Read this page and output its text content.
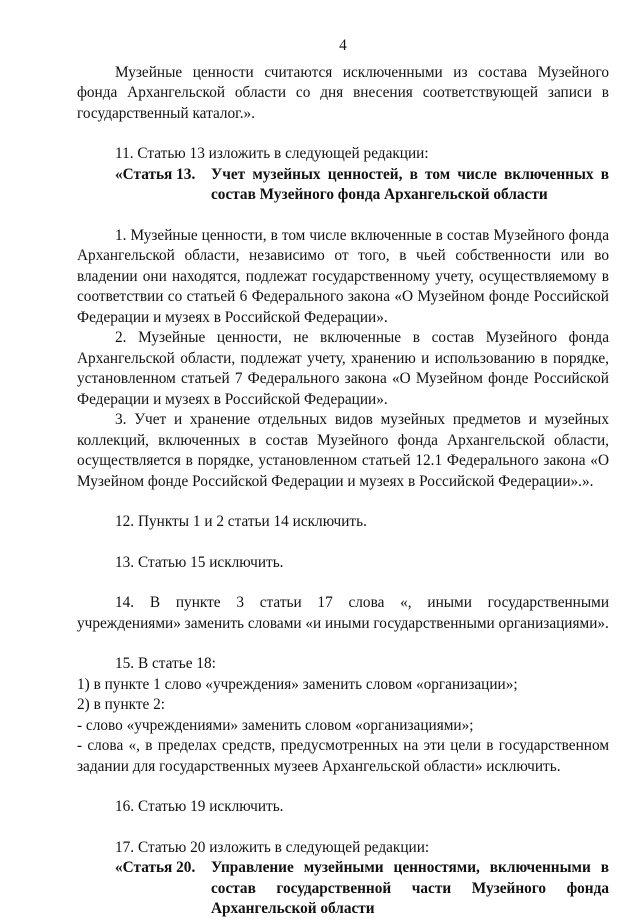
4

Музейные ценности считаются исключенными из состава Музейного фонда Архангельской области со дня внесения соответствующей записи в государственный каталог.».

11. Статью 13 изложить в следующей редакции:

«Статья 13.	Учет музейных ценностей, в том числе включенных в состав Музейного фонда Архангельской области

1. Музейные ценности, в том числе включенные в состав Музейного фонда Архангельской области, независимо от того, в чьей собственности или во владении они находятся, подлежат государственному учету, осуществляемому в соответствии со статьей 6 Федерального закона «О Музейном фонде Российской Федерации и музеях в Российской Федерации».

2. Музейные ценности, не включенные в состав Музейного фонда Архангельской области, подлежат учету, хранению и использованию в порядке, установленном статьей 7 Федерального закона «О Музейном фонде Российской Федерации и музеях в Российской Федерации».

3. Учет и хранение отдельных видов музейных предметов и музейных коллекций, включенных в состав Музейного фонда Архангельской области, осуществляется в порядке, установленном статьей 12.1 Федерального закона «О Музейном фонде Российской Федерации и музеях в Российской Федерации».».

12. Пункты 1 и 2 статьи 14 исключить.

13. Статью 15 исключить.

14. В пункте 3 статьи 17 слова «, иными государственными учреждениями» заменить словами «и иными государственными организациями».

15. В статье 18:

1) в пункте 1 слово «учреждения» заменить словом «организации»;

2) в пункте 2:

- слово «учреждениями» заменить словом «организациями»;

- слова «, в пределах средств, предусмотренных на эти цели в государственном задании для государственных музеев Архангельской области» исключить.

16. Статью 19 исключить.

17. Статью 20 изложить в следующей редакции:

«Статья 20.	Управление музейными ценностями, включенными в состав государственной части Музейного фонда Архангельской области
